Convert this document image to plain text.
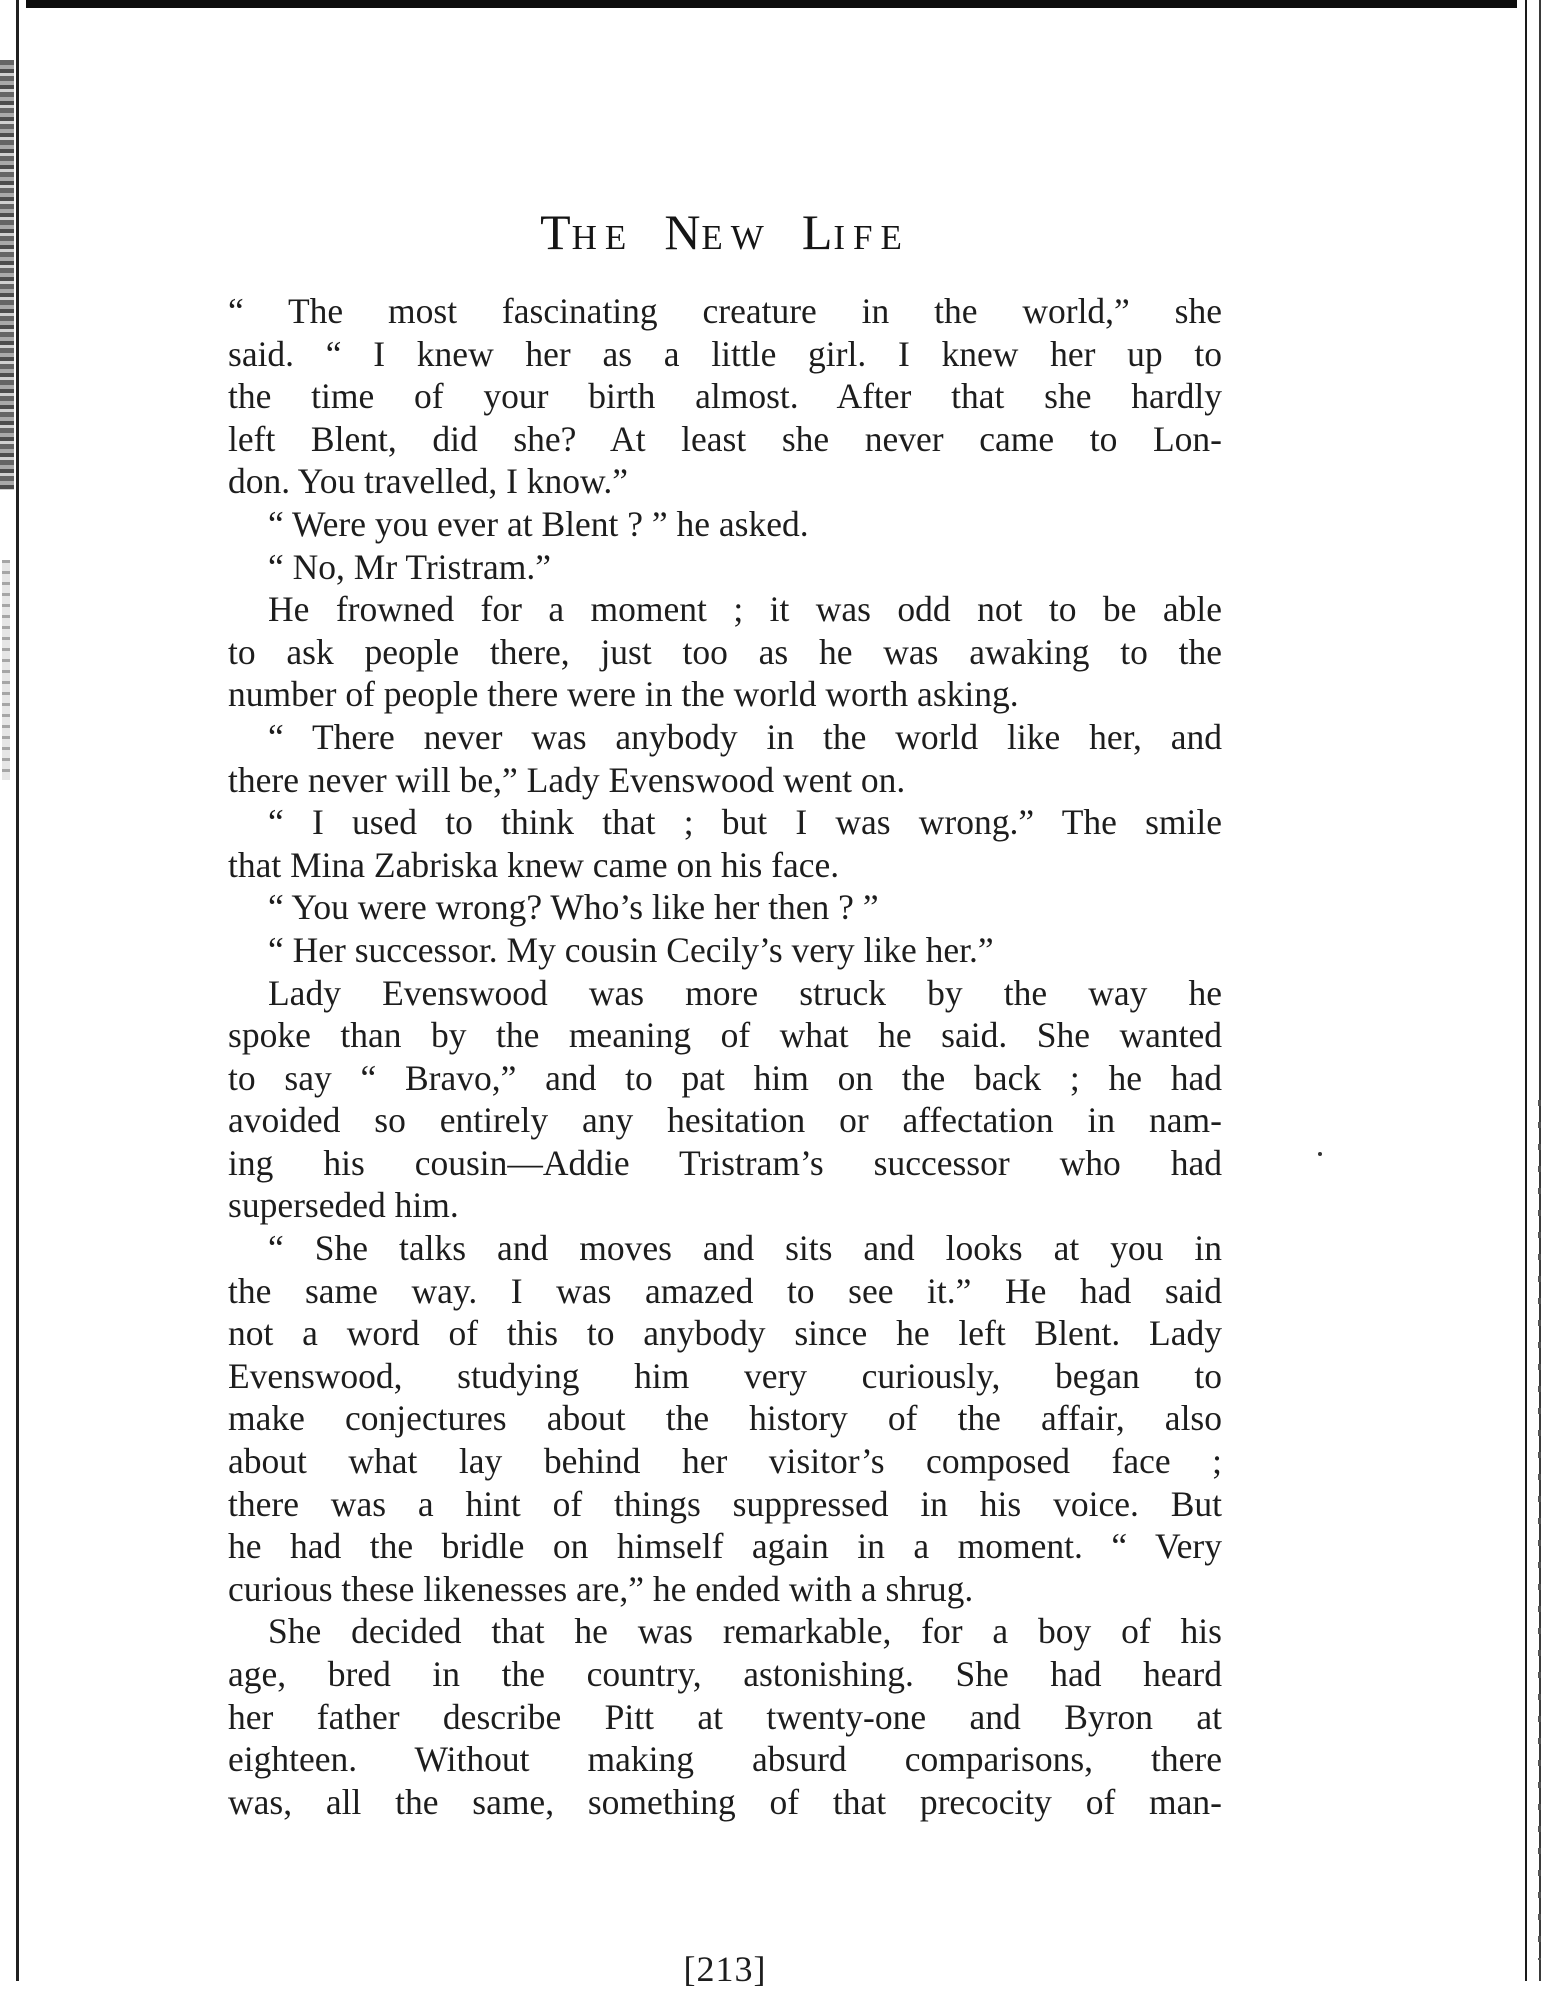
The New Life
“ The most fascinating creature in the world,” she
said. “ I knew her as a little girl. I knew her up to
the time of your birth almost. After that she hardly
left Blent, did she? At least she never came to Lon-
don. You travelled, I know.”
“ Were you ever at Blent ? ” he asked.
“ No, Mr Tristram.”
He frowned for a moment ; it was odd not to be able
to ask people there, just too as he was awaking to the
number of people there were in the world worth asking.
“ There never was anybody in the world like her, and
there never will be,” Lady Evenswood went on.
“ I used to think that ; but I was wrong.” The smile
that Mina Zabriska knew came on his face.
“ You were wrong? Who’s like her then ? ”
“ Her successor. My cousin Cecily’s very like her.”
Lady Evenswood was more struck by the way he
spoke than by the meaning of what he said. She wanted
to say “ Bravo,” and to pat him on the back ; he had
avoided so entirely any hesitation or affectation in nam-
ing his cousin—Addie Tristram’s successor who had
superseded him.
“ She talks and moves and sits and looks at you in
the same way. I was amazed to see it.” He had said
not a word of this to anybody since he left Blent. Lady
Evenswood, studying him very curiously, began to
make conjectures about the history of the affair, also
about what lay behind her visitor’s composed face ;
there was a hint of things suppressed in his voice. But
he had the bridle on himself again in a moment. “ Very
curious these likenesses are,” he ended with a shrug.
She decided that he was remarkable, for a boy of his
age, bred in the country, astonishing. She had heard
her father describe Pitt at twenty-one and Byron at
eighteen. Without making absurd comparisons, there
was, all the same, something of that precocity of man-
[213]
